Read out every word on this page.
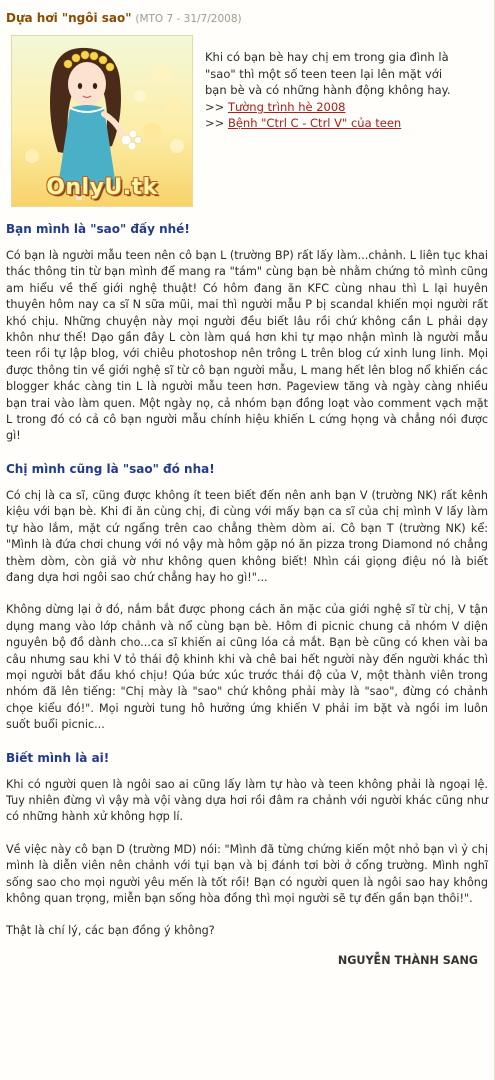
Dựa hơi "ngôi sao" (MTO 7 - 31/7/2008)
OnlyU.tk
Khi có bạn bè hay chị em trong gia đình là "sao" thì một số teen teen lại lên mặt với bạn bè và có những hành động không hay.
>> Tường trình hè 2008
>> Bệnh "Ctrl C - Ctrl V" của teen
Bạn mình là "sao" đấy nhé!

Có bạn là người mẫu teen nên cô bạn L (trường BP) rất lấy làm...chảnh. L liên tục khai thác thông tin từ bạn mình để mang ra "tám" cùng bạn bè nhằm chứng tỏ mình cũng am hiểu về thế giới nghệ thuật! Có hôm đang ăn KFC cùng nhau thì L lại huyên thuyên hôm nay ca sĩ N sữa mũi, mai thì người mẫu P bị scandal khiến mọi người rất khó chịu. Những chuyện này mọi người đều biết lâu rồi chứ không cần L phải dạy khôn như thế! Dạo gần đây L còn làm quá hơn khi tự mạo nhận mình là người mẫu teen rồi tự lập blog, với chiêu photoshop nên trông L trên blog cứ xinh lung linh. Mọi được thông tin về giới nghệ sĩ từ cô bạn người mẫu, L mang hết lên blog nổ khiến các blogger khác càng tin L là người mẫu teen hơn. Pageview tăng và ngày càng nhiều bạn trai vào làm quen. Một ngày nọ, cả nhóm bạn đồng loạt vào comment vạch mặt L trong đó có cả cô bạn người mẫu chính hiệu khiến L cứng họng và chẳng nói được gì!

Chị mình cũng là "sao" đó nha!

Có chị là ca sĩ, cũng được không ít teen biết đến nên anh bạn V (trường NK) rất kênh kiệu với bạn bè. Khi đi ăn cùng chị, đi cùng với mấy bạn ca sĩ của chị mình V lấy làm tự hào lắm, mặt cứ ngẩng trên cao chẳng thèm dòm ai. Cô bạn T (trường NK) kể: "Mình là đứa chơi chung với nó vậy mà hôm gặp nó ăn pizza trong Diamond nó chẳng thèm dòm, còn giả vờ như không quen không biết! Nhìn cái giọng điệu nó là biết đang dựa hơi ngôi sao chứ chẳng hay ho gì!"...

Không dừng lại ở đó, nắm bắt được phong cách ăn mặc của giới nghệ sĩ từ chị, V tận dụng mang vào lớp chảnh và nổ cùng bạn bè. Hôm đi picnic chung cả nhóm V diện nguyên bộ đồ dành cho...ca sĩ khiến ai cũng lóa cả mắt. Bạn bè cũng có khen vài ba câu nhưng sau khi V tỏ thái độ khinh khi và chê bai hết người này đến người khác thì mọi người bắt đầu khó chịu! Qúa bức xúc trước thái độ của V, một thành viên trong nhóm đã lên tiếng: "Chị mày là "sao" chứ không phải mày là "sao", đừng có chảnh chọe kiểu đó!". Mọi người tung hô hưởng ứng khiến V phải im bặt và ngồi im luôn suốt buổi picnic...

Biết mình là ai!

Khi có người quen là ngôi sao ai cũng lấy làm tự hào và teen không phải là ngoại lệ. Tuy nhiên đừng vì vậy mà vội vàng dựa hơi rồi đâm ra chảnh với người khác cũng như có những hành xử không hợp lí.

Về việc này cô bạn D (trường MD) nói: "Mình đã từng chứng kiến một nhỏ bạn vì ỷ chị mình là diễn viên nên chảnh với tụi bạn và bị đánh tơi bời ở cổng trường. Mình nghĩ sống sao cho mọi người yêu mến là tốt rồi! Bạn có người quen là ngôi sao hay không không quan trọng, miễn bạn sống hòa đồng thì mọi người sẽ tự đến gần bạn thôi!".

Thật là chí lý, các bạn đồng ý không?

NGUYỄN THÀNH SANG
